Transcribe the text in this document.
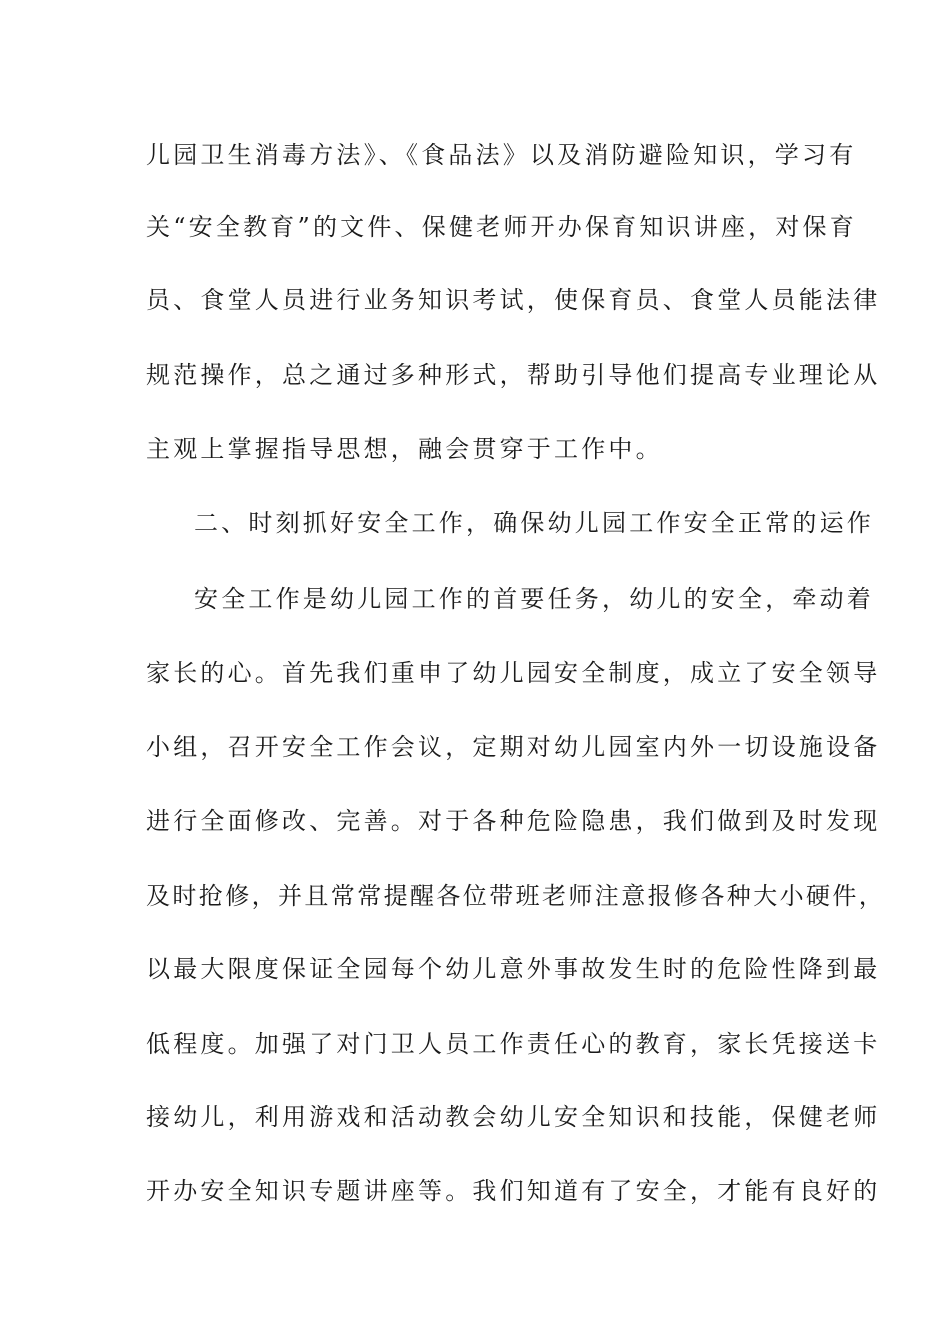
儿园卫生消毒方法》、《食品法》以及消防避险知识，学习有
关“安全教育”的文件、保健老师开办保育知识讲座，对保育
员、食堂人员进行业务知识考试，使保育员、食堂人员能法律
规范操作，总之通过多种形式，帮助引导他们提高专业理论从
主观上掌握指导思想，融会贯穿于工作中。
二、时刻抓好安全工作，确保幼儿园工作安全正常的运作
安全工作是幼儿园工作的首要任务，幼儿的安全，牵动着
家长的心。首先我们重申了幼儿园安全制度，成立了安全领导
小组，召开安全工作会议，定期对幼儿园室内外一切设施设备
进行全面修改、完善。对于各种危险隐患，我们做到及时发现
及时抢修，并且常常提醒各位带班老师注意报修各种大小硬件，
以最大限度保证全园每个幼儿意外事故发生时的危险性降到最
低程度。加强了对门卫人员工作责任心的教育，家长凭接送卡
接幼儿，利用游戏和活动教会幼儿安全知识和技能，保健老师
开办安全知识专题讲座等。我们知道有了安全，才能有良好的
